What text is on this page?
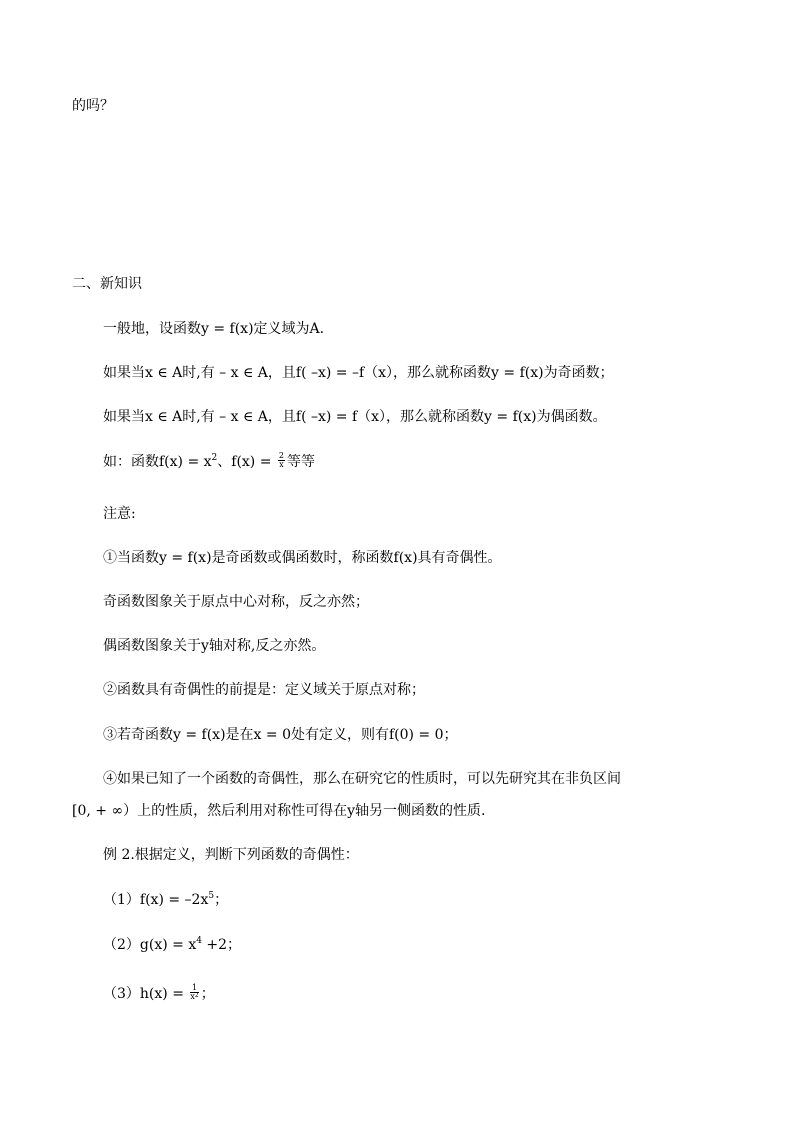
的吗？
二、新知识
一般地，设函数y = f(x)定义域为A.
如果当x ∈ A时,有 – x ∈ A，且f( –x) = –f（x），那么就称函数y = f(x)为奇函数；
如果当x ∈ A时,有 – x ∈ A，且f( –x) = f（x），那么就称函数y = f(x)为偶函数。
如：函数$f(x) = x^2$、$f(x) = \frac{2}{x}$ 等等
注意:
①当函数y = f(x)是奇函数或偶函数时，称函数f(x)具有奇偶性。
奇函数图象关于原点中心对称，反之亦然；
偶函数图象关于y轴对称,反之亦然。
②函数具有奇偶性的前提是：定义域关于原点对称；
③若奇函数y = f(x)是在x = 0处有定义，则有f(0) = 0；
④如果已知了一个函数的奇偶性，那么在研究它的性质时，可以先研究其在非负区间
[0, + ∞）上的性质，然后利用对称性可得在y轴另一侧函数的性质.
例 2.根据定义，判断下列函数的奇偶性：
$(1)f(x) = -2x^5$；
$(2)g(x) = x^4 +2$；
$(3)h(x) = \frac{1}{x^2}$ ；
